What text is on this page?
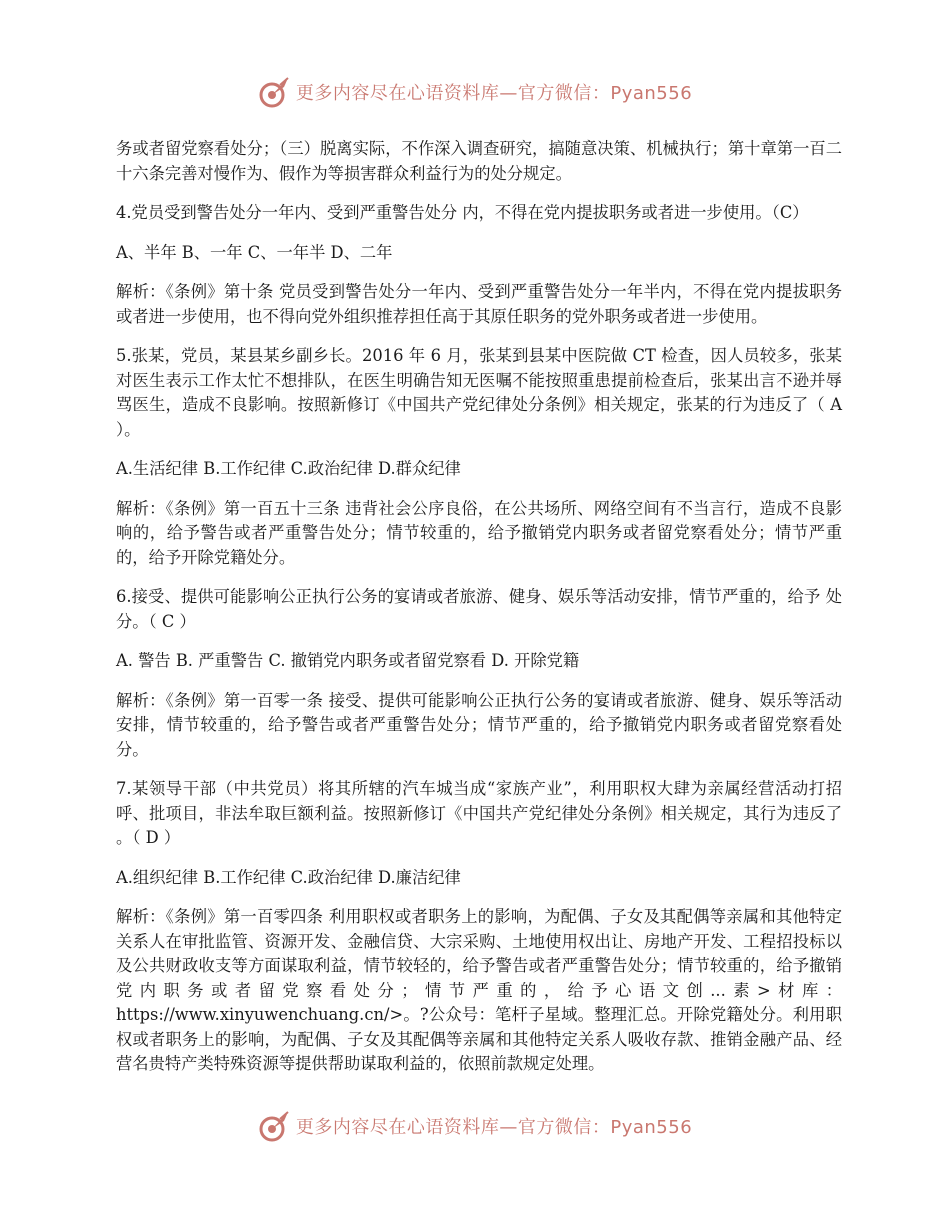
更多内容尽在心语资料库—官方微信：Pyan556

务或者留党察看处分；（三）脱离实际，不作深入调查研究，搞随意决策、机械执行；第十章第一百二十六条完善对慢作为、假作为等损害群众利益行为的处分规定。

4.党员受到警告处分一年内、受到严重警告处分 内，不得在党内提拔职务或者进一步使用。（C）

A、半年 B、一年 C、一年半 D、二年

解析：《条例》第十条 党员受到警告处分一年内、受到严重警告处分一年半内，不得在党内提拔职务或者进一步使用，也不得向党外组织推荐担任高于其原任职务的党外职务或者进一步使用。

5.张某，党员，某县某乡副乡长。2016 年 6 月，张某到县某中医院做 CT 检查，因人员较多，张某对医生表示工作太忙不想排队，在医生明确告知无医嘱不能按照重患提前检查后，张某出言不逊并辱骂医生，造成不良影响。按照新修订《中国共产党纪律处分条例》相关规定，张某的行为违反了（ A ）。

A.生活纪律 B.工作纪律 C.政治纪律 D.群众纪律

解析：《条例》第一百五十三条 违背社会公序良俗，在公共场所、网络空间有不当言行，造成不良影响的，给予警告或者严重警告处分；情节较重的，给予撤销党内职务或者留党察看处分；情节严重的，给予开除党籍处分。

6.接受、提供可能影响公正执行公务的宴请或者旅游、健身、娱乐等活动安排，情节严重的，给予 处分。（ C ）

A. 警告 B. 严重警告 C. 撤销党内职务或者留党察看 D. 开除党籍

解析：《条例》第一百零一条 接受、提供可能影响公正执行公务的宴请或者旅游、健身、娱乐等活动安排，情节较重的，给予警告或者严重警告处分；情节严重的，给予撤销党内职务或者留党察看处分。

7.某领导干部（中共党员）将其所辖的汽车城当成“家族产业”，利用职权大肆为亲属经营活动打招呼、批项目，非法牟取巨额利益。按照新修订《中国共产党纪律处分条例》相关规定，其行为违反了 。（ D ）

A.组织纪律 B.工作纪律 C.政治纪律 D.廉洁纪律

解析：《条例》第一百零四条 利用职权或者职务上的影响，为配偶、子女及其配偶等亲属和其他特定关系人在审批监管、资源开发、金融信贷、大宗采购、土地使用权出让、房地产开发、工程招投标以及公共财政收支等方面谋取利益，情节较轻的，给予警告或者严重警告处分；情节较重的，给予撤销党内职务或者留党察看处分；情节严重的，给予心语文创...素>材库：https://www.xinyuwenchuang.cn/>。?公众号：笔杆子星域。整理汇总。开除党籍处分。利用职权或者职务上的影响，为配偶、子女及其配偶等亲属和其他特定关系人吸收存款、推销金融产品、经营名贵特产类特殊资源等提供帮助谋取利益的，依照前款规定处理。

更多内容尽在心语资料库—官方微信：Pyan556
